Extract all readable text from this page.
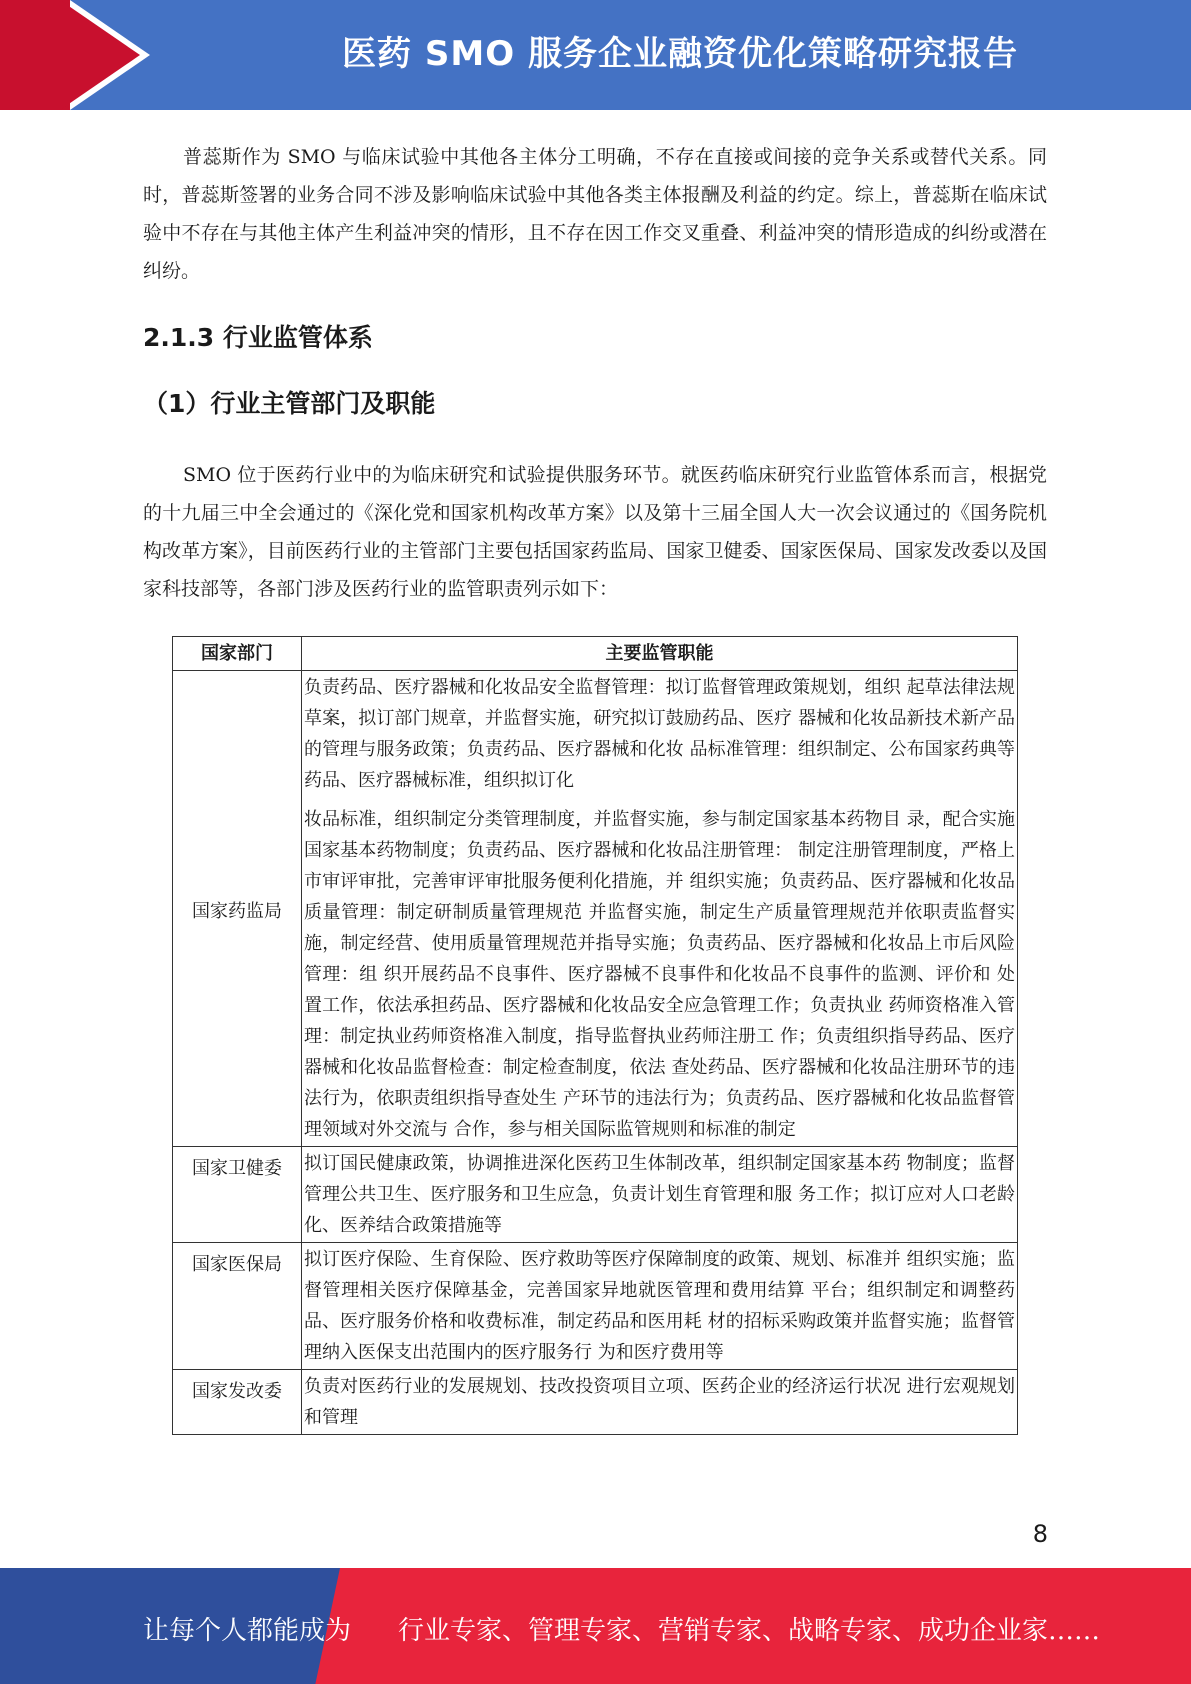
医药 SMO 服务企业融资优化策略研究报告

普蕊斯作为 SMO 与临床试验中其他各主体分工明确，不存在直接或间接的竞争关系或替代关系。同时，普蕊斯签署的业务合同不涉及影响临床试验中其他各类主体报酬及利益的约定。综上，普蕊斯在临床试验中不存在与其他主体产生利益冲突的情形，且不存在因工作交叉重叠、利益冲突的情形造成的纠纷或潜在纠纷。

2.1.3 行业监管体系
（1）行业主管部门及职能

SMO 位于医药行业中的为临床研究和试验提供服务环节。就医药临床研究行业监管体系而言，根据党的十九届三中全会通过的《深化党和国家机构改革方案》以及第十三届全国人大一次会议通过的《国务院机构改革方案》，目前医药行业的主管部门主要包括国家药监局、国家卫健委、国家医保局、国家发改委以及国家科技部等，各部门涉及医药行业的监管职责列示如下：

国家部门	主要监管职能
国家药监局	负责药品、医疗器械和化妆品安全监督管理：拟订监督管理政策规划，组织 起草法律法规草案，拟订部门规章，并监督实施，研究拟订鼓励药品、医疗 器械和化妆品新技术新产品的管理与服务政策；负责药品、医疗器械和化妆 品标准管理：组织制定、公布国家药典等药品、医疗器械标准，组织拟订化

妆品标准，组织制定分类管理制度，并监督实施，参与制定国家基本药物目 录，配合实施国家基本药物制度；负责药品、医疗器械和化妆品注册管理： 制定注册管理制度，严格上市审评审批，完善审评审批服务便利化措施，并 组织实施；负责药品、医疗器械和化妆品质量管理：制定研制质量管理规范 并监督实施，制定生产质量管理规范并依职责监督实施，制定经营、使用质量管理规范并指导实施；负责药品、医疗器械和化妆品上市后风险管理：组 织开展药品不良事件、医疗器械不良事件和化妆品不良事件的监测、评价和 处置工作，依法承担药品、医疗器械和化妆品安全应急管理工作；负责执业 药师资格准入管理：制定执业药师资格准入制度，指导监督执业药师注册工 作；负责组织指导药品、医疗器械和化妆品监督检查：制定检查制度，依法 查处药品、医疗器械和化妆品注册环节的违法行为，依职责组织指导查处生 产环节的违法行为；负责药品、医疗器械和化妆品监督管理领域对外交流与 合作，参与相关国际监管规则和标准的制定

国家卫健委	拟订国民健康政策，协调推进深化医药卫生体制改革，组织制定国家基本药 物制度；监督管理公共卫生、医疗服务和卫生应急，负责计划生育管理和服 务工作；拟订应对人口老龄化、医养结合政策措施等
国家医保局	拟订医疗保险、生育保险、医疗救助等医疗保障制度的政策、规划、标准并 组织实施；监督管理相关医疗保障基金，完善国家异地就医管理和费用结算 平台；组织制定和调整药品、医疗服务价格和收费标准，制定药品和医用耗 材的招标采购政策并监督实施；监督管理纳入医保支出范围内的医疗服务行 为和医疗费用等
国家发改委	负责对医药行业的发展规划、技改投资项目立项、医药企业的经济运行状况 进行宏观规划和管理
8
让每个人都能成为 行业专家、管理专家、营销专家、战略专家、成功企业家……
